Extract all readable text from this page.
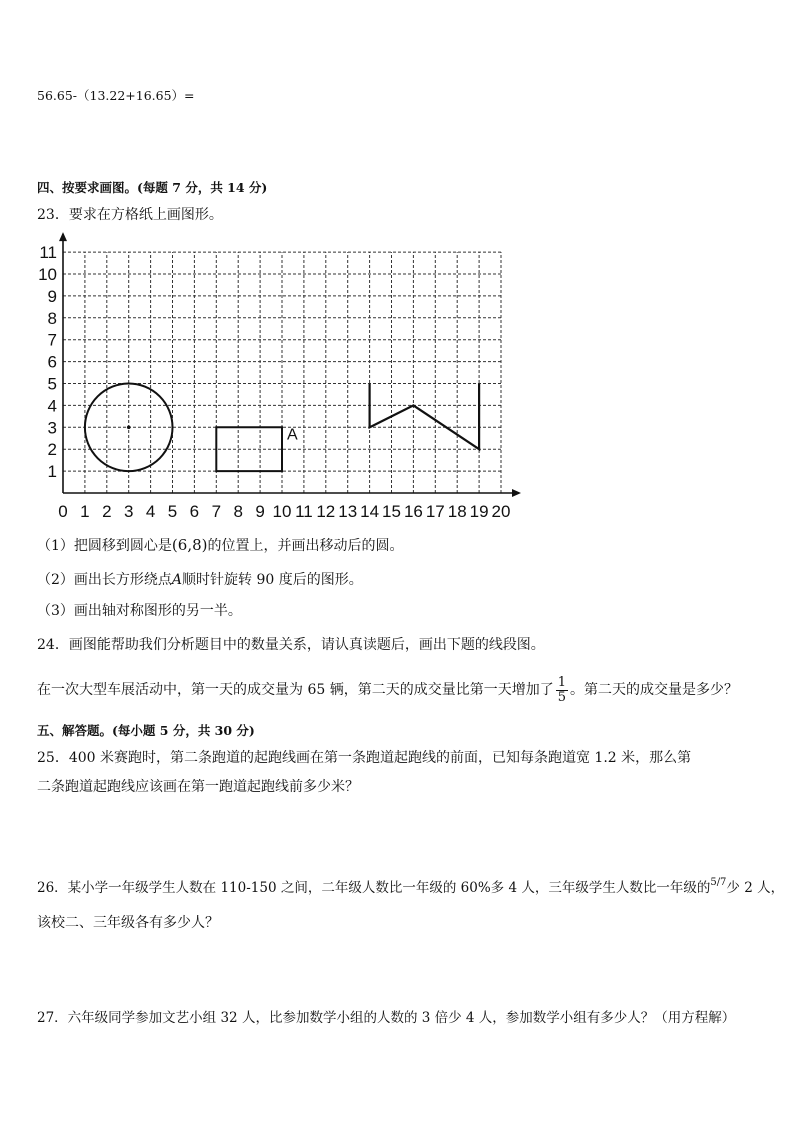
56.65-（13.22+16.65）=
四、按要求画图。(每题 7 分，共 14 分)
23．要求在方格纸上画图形。
0 1 2 3 4 5 6 7 8 9 10 11 12 13 14 15 16 17 18 19 20
1
2
3
4
5
6
7
8
9
10
11
A
（1）把圆移到圆心是(6,8)的位置上，并画出移动后的圆。
（2）画出长方形绕点A顺时针旋转 90 度后的图形。
（3）画出轴对称图形的另一半。
24．画图能帮助我们分析题目中的数量关系，请认真读题后，画出下题的线段图。
在一次大型车展活动中，第一天的成交量为 65 辆，第二天的成交量比第一天增加了 $\frac{1}{5}$ 。第二天的成交量是多少？
五、解答题。(每小题 5 分，共 30 分)
25．400 米赛跑时，第二条跑道的起跑线画在第一条跑道起跑线的前面，已知每条跑道宽 1.2 米，那么第
二条跑道起跑线应该画在第一跑道起跑线前多少米？
26．某小学一年级学生人数在 110-150 之间，二年级人数比一年级的 60%多 4 人，三年级学生人数比一年级的$^{5/7}$少 2 人，
该校二、三年级各有多少人？
27．六年级同学参加文艺小组 32 人，比参加数学小组的人数的 3 倍少 4 人，参加数学小组有多少人？（用方程解）
